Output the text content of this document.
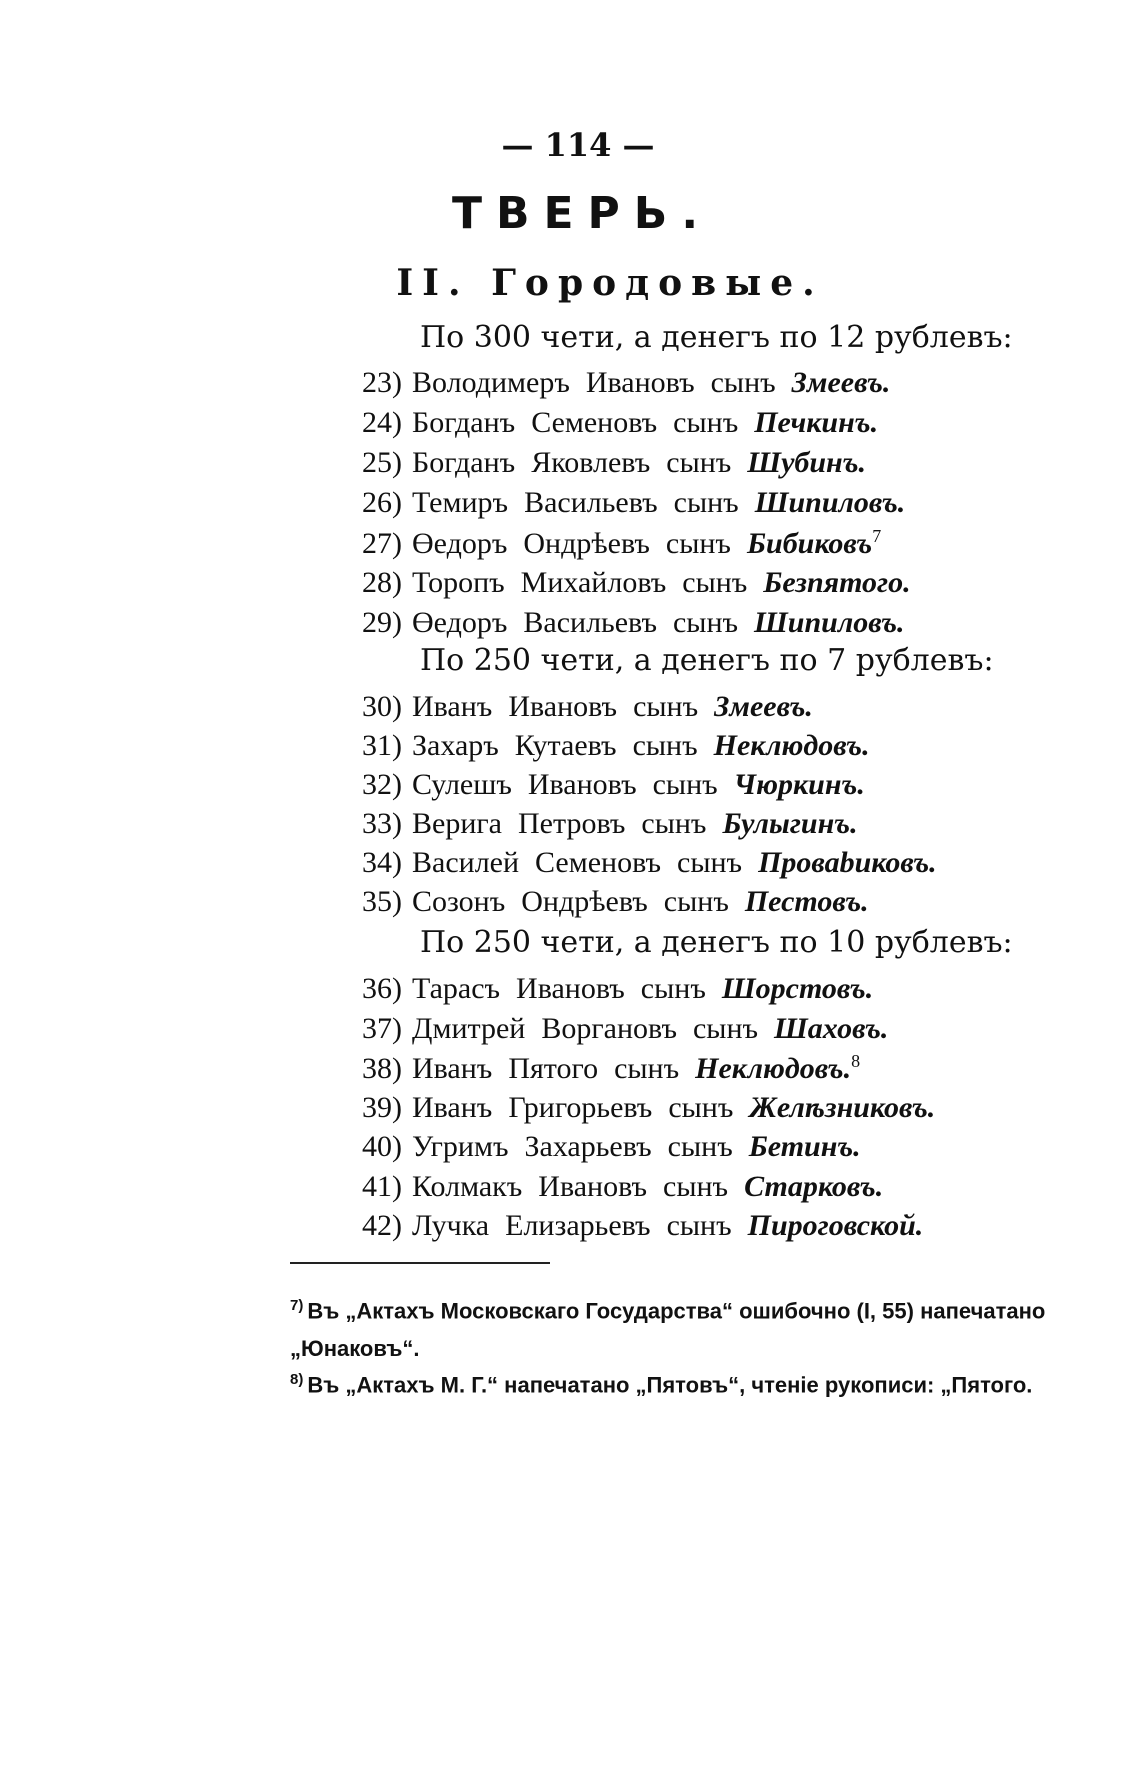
— 114 —
ТВЕРЬ.
II. Городовые.
По 300 чети, а денегъ по 12 рублевъ:
По 250 чети, а денегъ по 7 рублевъ:
По 250 чети, а денегъ по 10 рублевъ:
23) Володимеръ Ивановъ сынъ Змеевъ.
24) Богданъ Семеновъ сынъ Печкинъ.
25) Богданъ Яковлевъ сынъ Шубинъ.
26) Темиръ Васильевъ сынъ Шипиловъ.
27) Өедоръ Ондрѣевъ сынъ Бибиковъ$^7$
28) Торопъ Михайловъ сынъ Безпятого.
29) Өедоръ Васильевъ сынъ Шипиловъ.
30) Иванъ Ивановъ сынъ Змеевъ.
31) Захаръ Кутаевъ сынъ Неклюдовъ.
32) Сулешъ Ивановъ сынъ Чюркинъ.
33) Верига Петровъ сынъ Булыгинъ.
34) Василей Семеновъ сынъ Проваbиковъ.
35) Созонъ Ондрѣевъ сынъ Пестовъ.
36) Тарасъ Ивановъ сынъ Шорстовъ.
37) Дмитрей Воргановъ сынъ Шаховъ.
38) Иванъ Пятого сынъ Неклюдовъ.$^8$
39) Иванъ Григорьевъ сынъ Желѣзниковъ.
40) Угримъ Захарьевъ сынъ Бетинъ.
41) Колмакъ Ивановъ сынъ Старковъ.
42) Лучка Елизарьевъ сынъ Пироговской.
$^{7)}$ Въ „Актахъ Московскаго Государства“ ошибочно (I, 55) напечатано „Юнаковъ“.
$^{8)}$ Въ „Актахъ М. Г.“ напечатано „Пятовъ“, чтеніе рукописи: „Пятого.
